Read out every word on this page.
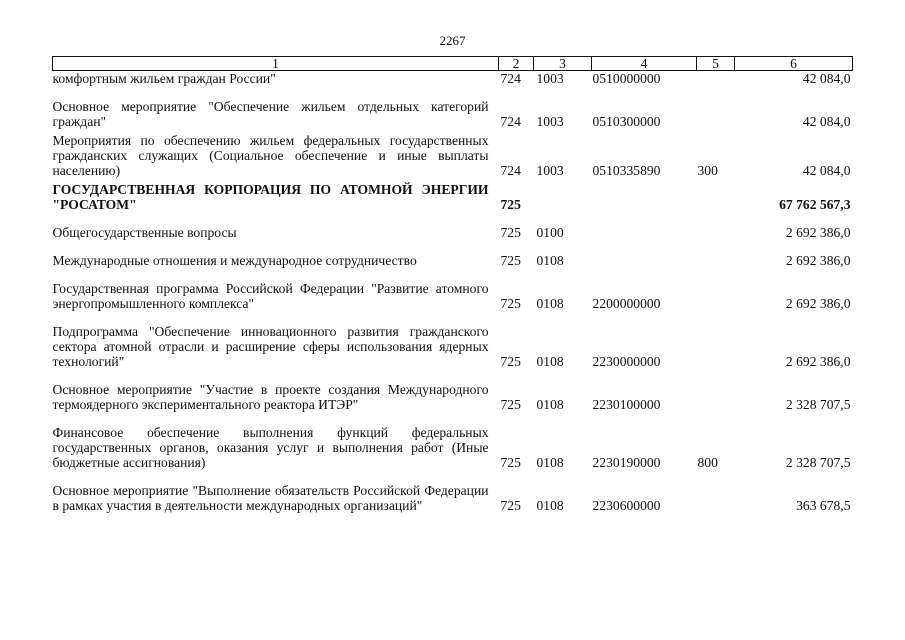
2267
1	2	3	4	5	6
комфортным жильем граждан России"	724	1003	0510000000		42 084,0
Основное мероприятие "Обеспечение жильем отдельных категорий граждан"	724	1003	0510300000		42 084,0
Мероприятия по обеспечению жильем федеральных государственных гражданских служащих (Социальное обеспечение и иные выплаты населению)	724	1003	0510335890	300	42 084,0
ГОСУДАРСТВЕННАЯ КОРПОРАЦИЯ ПО АТОМНОЙ ЭНЕРГИИ "РОСАТОМ"	725				67 762 567,3
Общегосударственные вопросы	725	0100			2 692 386,0
Международные отношения и международное сотрудничество	725	0108			2 692 386,0
Государственная программа Российской Федерации "Развитие атомного энергопромышленного комплекса"	725	0108	2200000000		2 692 386,0
Подпрограмма "Обеспечение инновационного развития гражданского сектора атомной отрасли и расширение сферы использования ядерных технологий"	725	0108	2230000000		2 692 386,0
Основное мероприятие "Участие в проекте создания Международного термоядерного экспериментального реактора ИТЭР"	725	0108	2230100000		2 328 707,5
Финансовое обеспечение выполнения функций федеральных государственных органов, оказания услуг и выполнения работ (Иные бюджетные ассигнования)	725	0108	2230190000	800	2 328 707,5
Основное мероприятие "Выполнение обязательств Российской Федерации в рамках участия в деятельности международных организаций"	725	0108	2230600000		363 678,5
